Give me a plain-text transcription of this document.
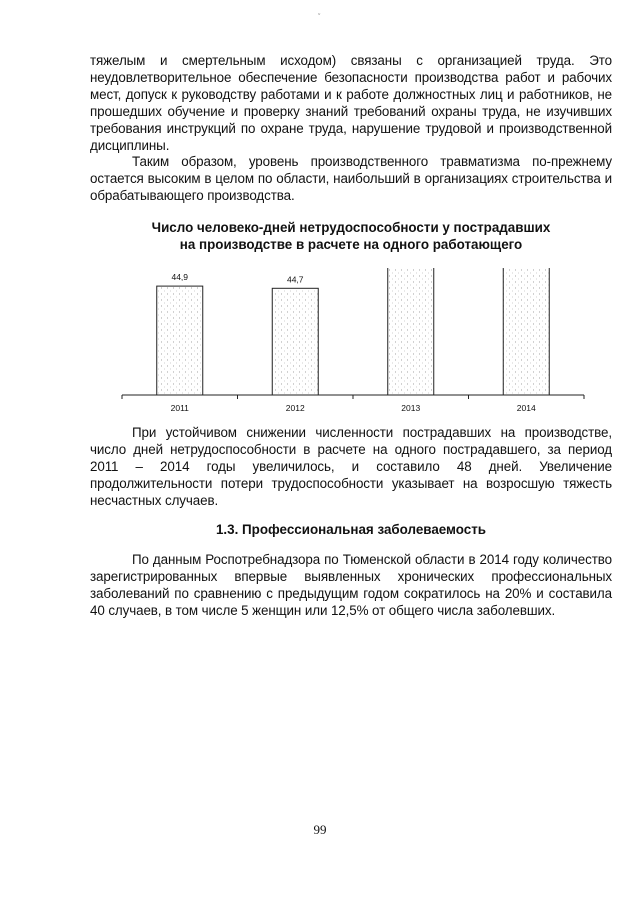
ˇ

тяжелым и смертельным исходом) связаны с организацией труда. Это неудовлетворительное обеспечение безопасности производства работ и рабочих мест, допуск к руководству работами и к работе должностных лиц и работников, не прошедших обучение и проверку знаний требований охраны труда, не изучивших требования инструкций по охране труда, нарушение трудовой и производственной дисциплины.

Таким образом, уровень производственного травматизма по-прежнему остается высоким в целом по области, наибольший в организациях строительства и обрабатывающего производства.

Число человеко-дней нетрудоспособности у пострадавших
на производстве в расчете на одного работающего
44,9
2011
44,7
2012	2013	2014

При устойчивом снижении численности пострадавших на производстве, число дней нетрудоспособности в расчете на одного пострадавшего, за период 2011 – 2014 годы увеличилось, и составило 48 дней. Увеличение продолжительности потери трудоспособности указывает на возросшую тяжесть несчастных случаев.

1.3. Профессиональная заболеваемость

По данным Роспотребнадзора по Тюменской области в 2014 году количество зарегистрированных впервые выявленных хронических профессиональных заболеваний по сравнению с предыдущим годом сократилось на 20% и составила 40 случаев, в том числе 5 женщин или 12,5% от общего числа заболевших.

99
